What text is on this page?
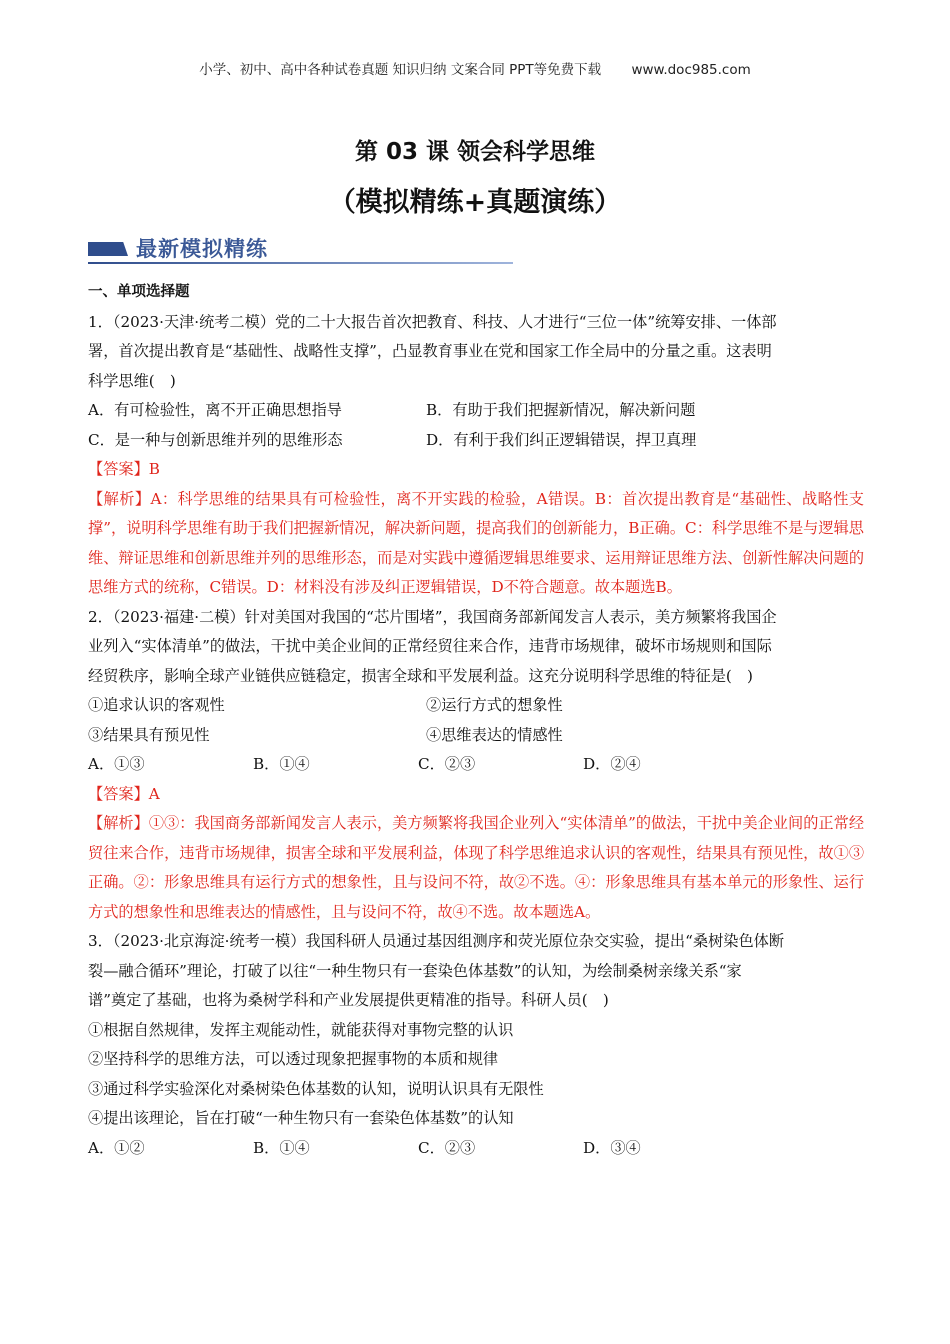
小学、初中、高中各种试卷真题 知识归纳 文案合同 PPT等免费下载 www.doc985.com
第 03 课 领会科学思维
（模拟精练+真题演练）
最新模拟精练
一、单项选择题
1．（2023·天津·统考二模）党的二十大报告首次把教育、科技、人才进行“三位一体”统筹安排、一体部
署，首次提出教育是“基础性、战略性支撑”，凸显教育事业在党和国家工作全局中的分量之重。这表明
科学思维(　)
A．有可检验性，离不开正确思想指导	B．有助于我们把握新情况，解决新问题
C．是一种与创新思维并列的思维形态	D．有利于我们纠正逻辑错误，捍卫真理
【答案】B
【解析】A：科学思维的结果具有可检验性，离不开实践的检验，A错误。B：首次提出教育是“基础性、战略性支撑”，说明科学思维有助于我们把握新情况，解决新问题，提高我们的创新能力，B正确。C：科学思维不是与逻辑思维、辩证思维和创新思维并列的思维形态，而是对实践中遵循逻辑思维要求、运用辩证思维方法、创新性解决问题的思维方式的统称，C错误。D：材料没有涉及纠正逻辑错误，D不符合题意。故本题选B。
2．（2023·福建·二模）针对美国对我国的“芯片围堵”，我国商务部新闻发言人表示，美方频繁将我国企
业列入“实体清单”的做法，干扰中美企业间的正常经贸往来合作，违背市场规律，破坏市场规则和国际
经贸秩序，影响全球产业链供应链稳定，损害全球和平发展利益。这充分说明科学思维的特征是(　)
①追求认识的客观性	②运行方式的想象性
③结果具有预见性	④思维表达的情感性
A．①③	B．①④	C．②③	D．②④
【答案】A
【解析】①③：我国商务部新闻发言人表示，美方频繁将我国企业列入“实体清单”的做法，干扰中美企业间的正常经贸往来合作，违背市场规律，损害全球和平发展利益，体现了科学思维追求认识的客观性，结果具有预见性，故①③正确。②：形象思维具有运行方式的想象性，且与设问不符，故②不选。④：形象思维具有基本单元的形象性、运行方式的想象性和思维表达的情感性，且与设问不符，故④不选。故本题选A。
3．（2023·北京海淀·统考一模）我国科研人员通过基因组测序和荧光原位杂交实验，提出“桑树染色体断
裂—融合循环”理论，打破了以往“一种生物只有一套染色体基数”的认知，为绘制桑树亲缘关系“家
谱”奠定了基础，也将为桑树学科和产业发展提供更精准的指导。科研人员(　)
①根据自然规律，发挥主观能动性，就能获得对事物完整的认识
②坚持科学的思维方法，可以透过现象把握事物的本质和规律
③通过科学实验深化对桑树染色体基数的认知，说明认识具有无限性
④提出该理论，旨在打破“一种生物只有一套染色体基数”的认知
A．①②	B．①④	C．②③	D．③④
